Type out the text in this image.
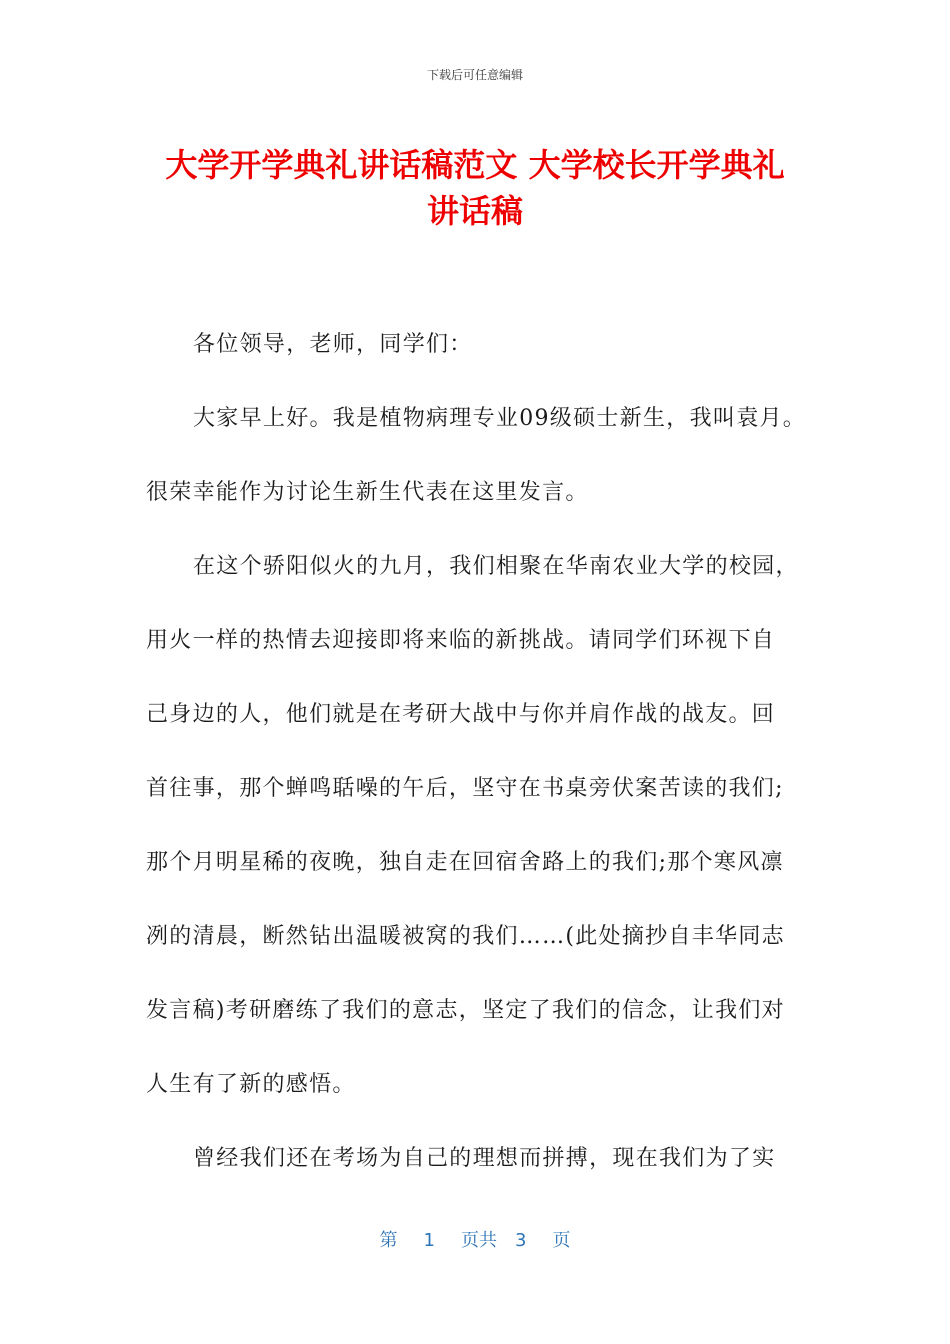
下载后可任意编辑
大学开学典礼讲话稿范文 大学校长开学典礼
讲话稿
各位领导，老师，同学们：
大家早上好。我是植物病理专业09级硕士新生，我叫袁月。
很荣幸能作为讨论生新生代表在这里发言。
在这个骄阳似火的九月，我们相聚在华南农业大学的校园，
用火一样的热情去迎接即将来临的新挑战。请同学们环视下自
己身边的人，他们就是在考研大战中与你并肩作战的战友。回
首往事，那个蝉鸣聒噪的午后，坚守在书桌旁伏案苦读的我们;
那个月明星稀的夜晚，独自走在回宿舍路上的我们;那个寒风凛
冽的清晨，断然钻出温暖被窝的我们……(此处摘抄自丰华同志
发言稿)考研磨练了我们的意志，坚定了我们的信念，让我们对
人生有了新的感悟。
曾经我们还在考场为自己的理想而拼搏，现在我们为了实
第 1 页共 3 页
